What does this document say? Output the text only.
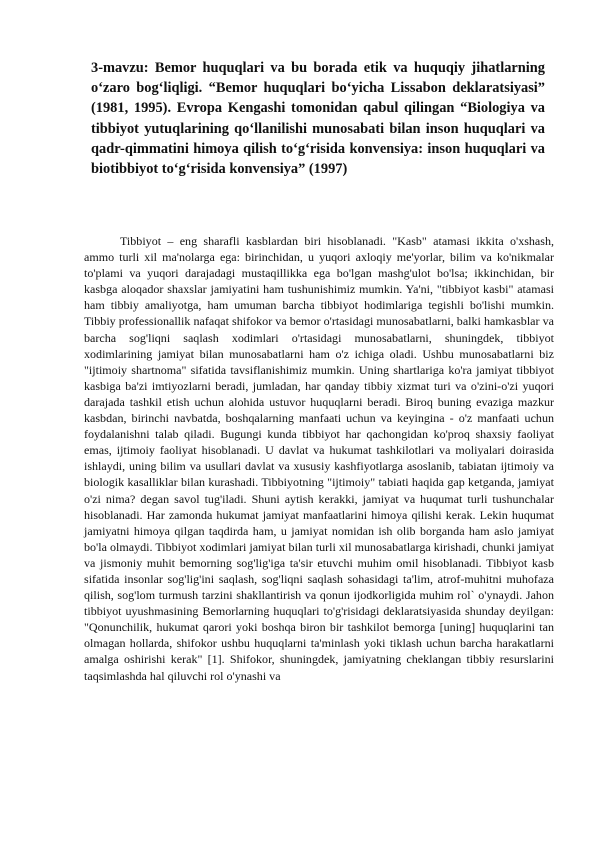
3-mavzu: Bemor huquqlari va bu borada etik va huquqiy jihatlarning o‘zaro bog‘liqligi. “Bemor huquqlari bo‘yicha Lissabon deklaratsiyasi” (1981, 1995). Evropa Kengashi tomonidan qabul qilingan “Biologiya va tibbiyot yutuqlarining qo‘llanilishi munosabati bilan inson huquqlari va qadr-qimmatini himoya qilish to‘g‘risida konvensiya: inson huquqlari va biotibbiyot to‘g‘risida konvensiya” (1997)

Tibbiyot – eng sharafli kasblardan biri hisoblanadi. "Kasb" atamasi ikkita o'xshash, ammo turli xil ma'nolarga ega: birinchidan, u yuqori axloqiy me'yorlar, bilim va ko'nikmalar to'plami va yuqori darajadagi mustaqillikka ega bo'lgan mashg'ulot bo'lsa; ikkinchidan, bir kasbga aloqador shaxslar jamiyatini ham tushunishimiz mumkin. Ya'ni, "tibbiyot kasbi" atamasi ham tibbiy amaliyotga, ham umuman barcha tibbiyot hodimlariga tegishli bo'lishi mumkin. Tibbiy professionallik nafaqat shifokor va bemor o'rtasidagi munosabatlarni, balki hamkasblar va barcha sog'liqni saqlash xodimlari o'rtasidagi munosabatlarni, shuningdek, tibbiyot xodimlarining jamiyat bilan munosabatlarni ham o'z ichiga oladi. Ushbu munosabatlarni biz "ijtimoiy shartnoma" sifatida tavsiflanishimiz mumkin. Uning shartlariga ko'ra jamiyat tibbiyot kasbiga ba'zi imtiyozlarni beradi, jumladan, har qanday tibbiy xizmat turi va o'zini-o'zi yuqori darajada tashkil etish uchun alohida ustuvor huquqlarni beradi. Biroq buning evaziga mazkur kasbdan, birinchi navbatda, boshqalarning manfaati uchun va keyingina - o'z manfaati uchun foydalanishni talab qiladi. Bugungi kunda tibbiyot har qachongidan ko'proq shaxsiy faoliyat emas, ijtimoiy faoliyat hisoblanadi. U davlat va hukumat tashkilotlari va moliyalari doirasida ishlaydi, uning bilim va usullari davlat va xususiy kashfiyotlarga asoslanib, tabiatan ijtimoiy va biologik kasalliklar bilan kurashadi. Tibbiyotning "ijtimoiy" tabiati haqida gap ketganda, jamiyat o'zi nima? degan savol tug'iladi. Shuni aytish kerakki, jamiyat va huqumat turli tushunchalar hisoblanadi. Har zamonda hukumat jamiyat manfaatlarini himoya qilishi kerak. Lekin huqumat jamiyatni himoya qilgan taqdirda ham, u jamiyat nomidan ish olib borganda ham aslo jamiyat bo'la olmaydi. Tibbiyot xodimlari jamiyat bilan turli xil munosabatlarga kirishadi, chunki jamiyat va jismoniy muhit bemorning sog'lig'iga ta'sir etuvchi muhim omil hisoblanadi. Tibbiyot kasb sifatida insonlar sog'lig'ini saqlash, sog'liqni saqlash sohasidagi ta'lim, atrof-muhitni muhofaza qilish, sog'lom turmush tarzini shakllantirish va qonun ijodkorligida muhim rol` o'ynaydi. Jahon tibbiyot uyushmasining Bemorlarning huquqlari to'g'risidagi deklaratsiyasida shunday deyilgan: "Qonunchilik, hukumat qarori yoki boshqa biron bir tashkilot bemorga [uning] huquqlarini tan olmagan hollarda, shifokor ushbu huquqlarni ta'minlash yoki tiklash uchun barcha harakatlarni amalga oshirishi kerak" [1]. Shifokor, shuningdek, jamiyatning cheklangan tibbiy resurslarini taqsimlashda hal qiluvchi rol o'ynashi va
